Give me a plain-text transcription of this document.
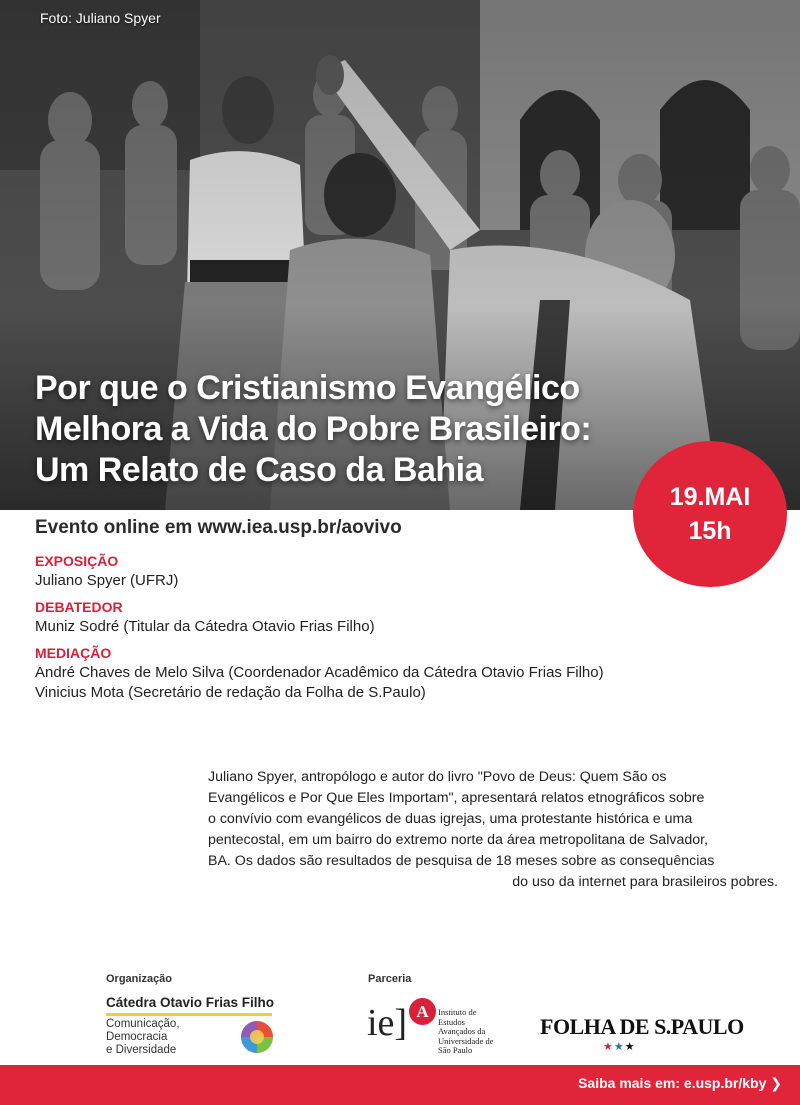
Foto: Juliano Spyer
Por que o Cristianismo Evangélico
Melhora a Vida do Pobre Brasileiro:
Um Relato de Caso da Bahia
19.MAI
15h
Evento online em www.iea.usp.br/aovivo
EXPOSIÇÃO
Juliano Spyer (UFRJ)
DEBATEDOR
Muniz Sodré (Titular da Cátedra Otavio Frias Filho)
MEDIAÇÃO
André Chaves de Melo Silva (Coordenador Acadêmico da Cátedra Otavio Frias Filho)
Vinicius Mota (Secretário de redação da Folha de S.Paulo)
Juliano Spyer, antropólogo e autor do livro "Povo de Deus: Quem São os
Evangélicos e Por Que Eles Importam", apresentará relatos etnográficos sobre
o convívio com evangélicos de duas igrejas, uma protestante histórica e uma
pentecostal, em um bairro do extremo norte da área metropolitana de Salvador,
BA. Os dados são resultados de pesquisa de 18 meses sobre as consequências
do uso da internet para brasileiros pobres.
Organização
Cátedra Otavio Frias Filho
Comunicação,
Democracia
e Diversidade
Parceria
ie] A	Instituto de
Estudos
Avançados da
Universidade de
São Paulo
FOLHA DE S.PAULO
★★★
Saiba mais em: e.usp.br/kby ❯
